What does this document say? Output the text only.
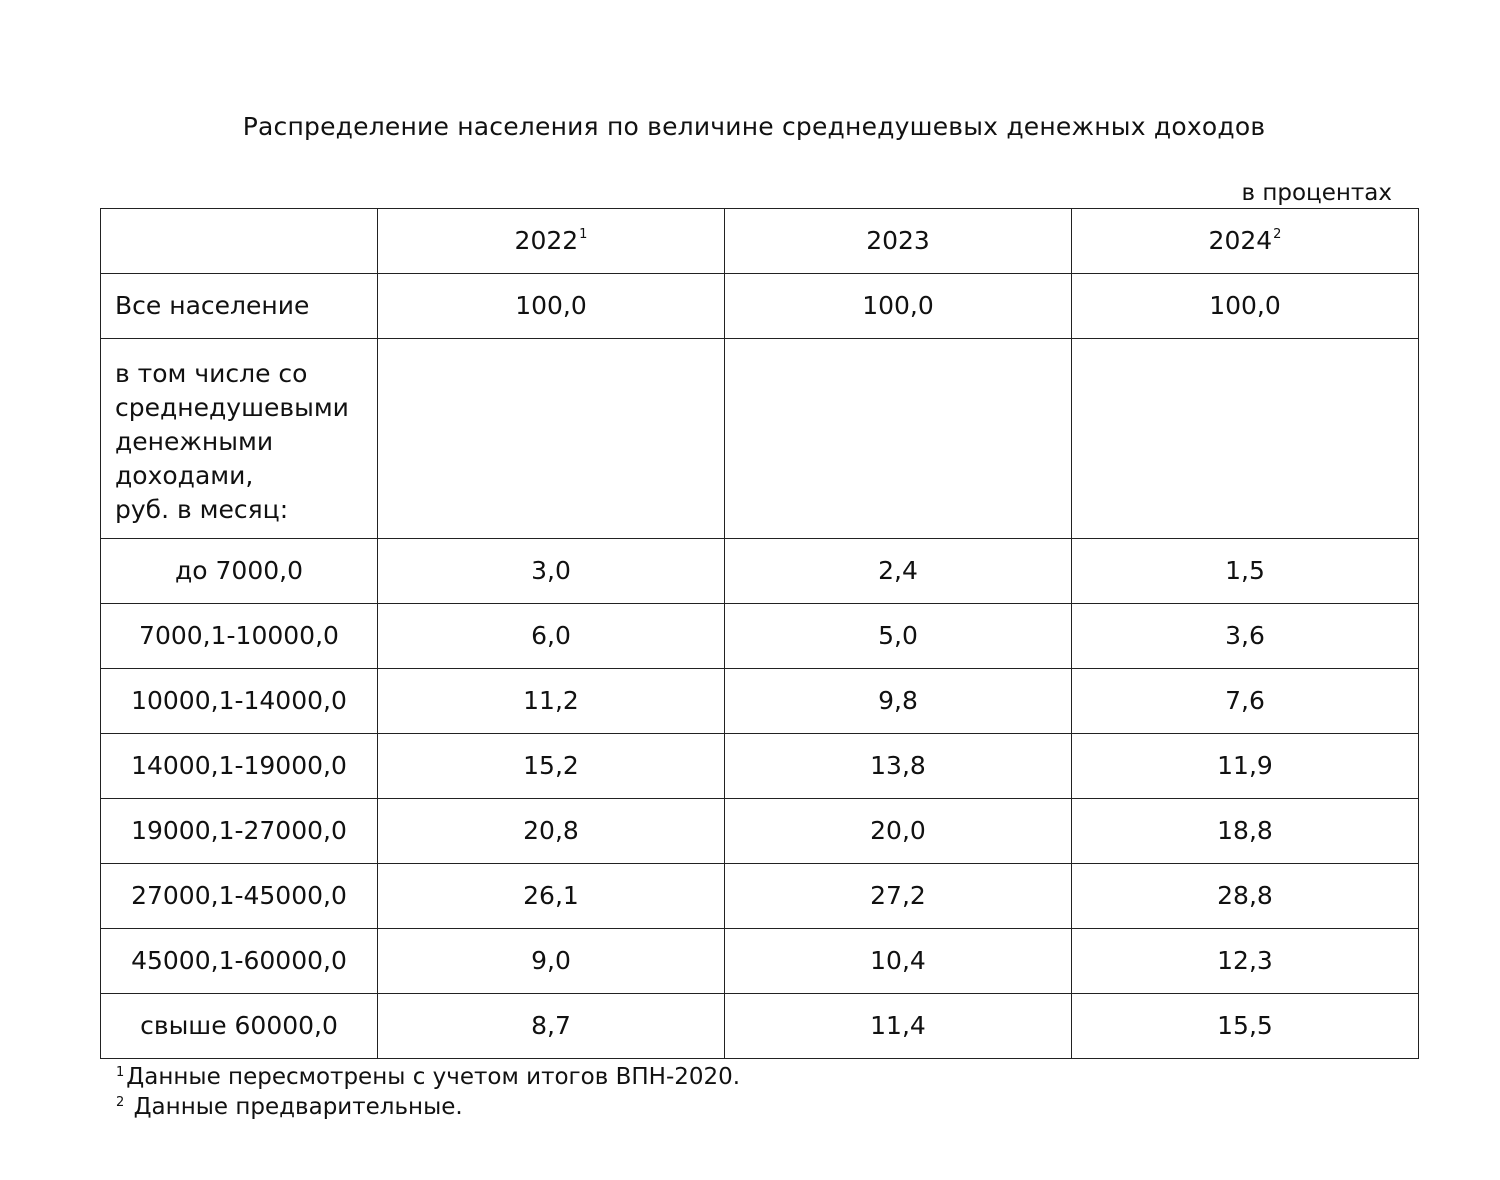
Распределение населения по величине среднедушевых денежных доходов
в процентах
	2022$^1$	2023	2024$^2$
Все население	100,0	100,0	100,0

в том числе со
среднедушевыми
денежными
доходами,
руб. в месяц:			

до 7000,0	3,0	2,4	1,5
7000,1-10000,0	6,0	5,0	3,6
10000,1-14000,0	11,2	9,8	7,6
14000,1-19000,0	15,2	13,8	11,9
19000,1-27000,0	20,8	20,0	18,8
27000,1-45000,0	26,1	27,2	28,8
45000,1-60000,0	9,0	10,4	12,3
свыше 60000,0	8,7	11,4	15,5
$^1$Данные пересмотрены с учетом итогов ВПН-2020.
$^2$ Данные предварительные.
